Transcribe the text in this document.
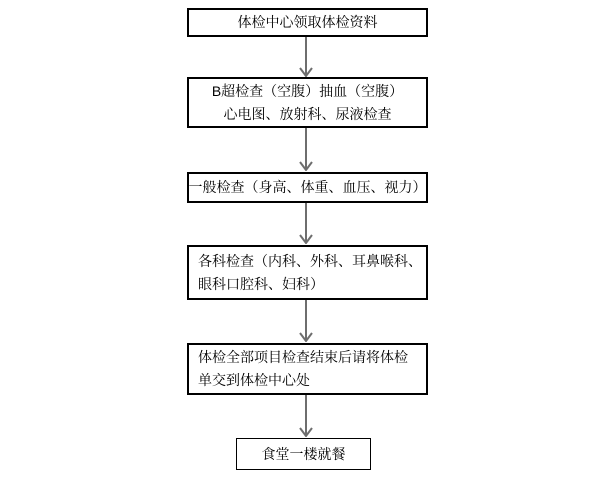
体检中心领取体检资料
B超检查（空腹）抽血（空腹）
心电图、放射科、尿液检查
一般检查（身高、体重、血压、视力）
各科检查（内科、外科、耳鼻喉科、
眼科口腔科、妇科）
体检全部项目检查结束后请将体检
单交到体检中心处
食堂一楼就餐
